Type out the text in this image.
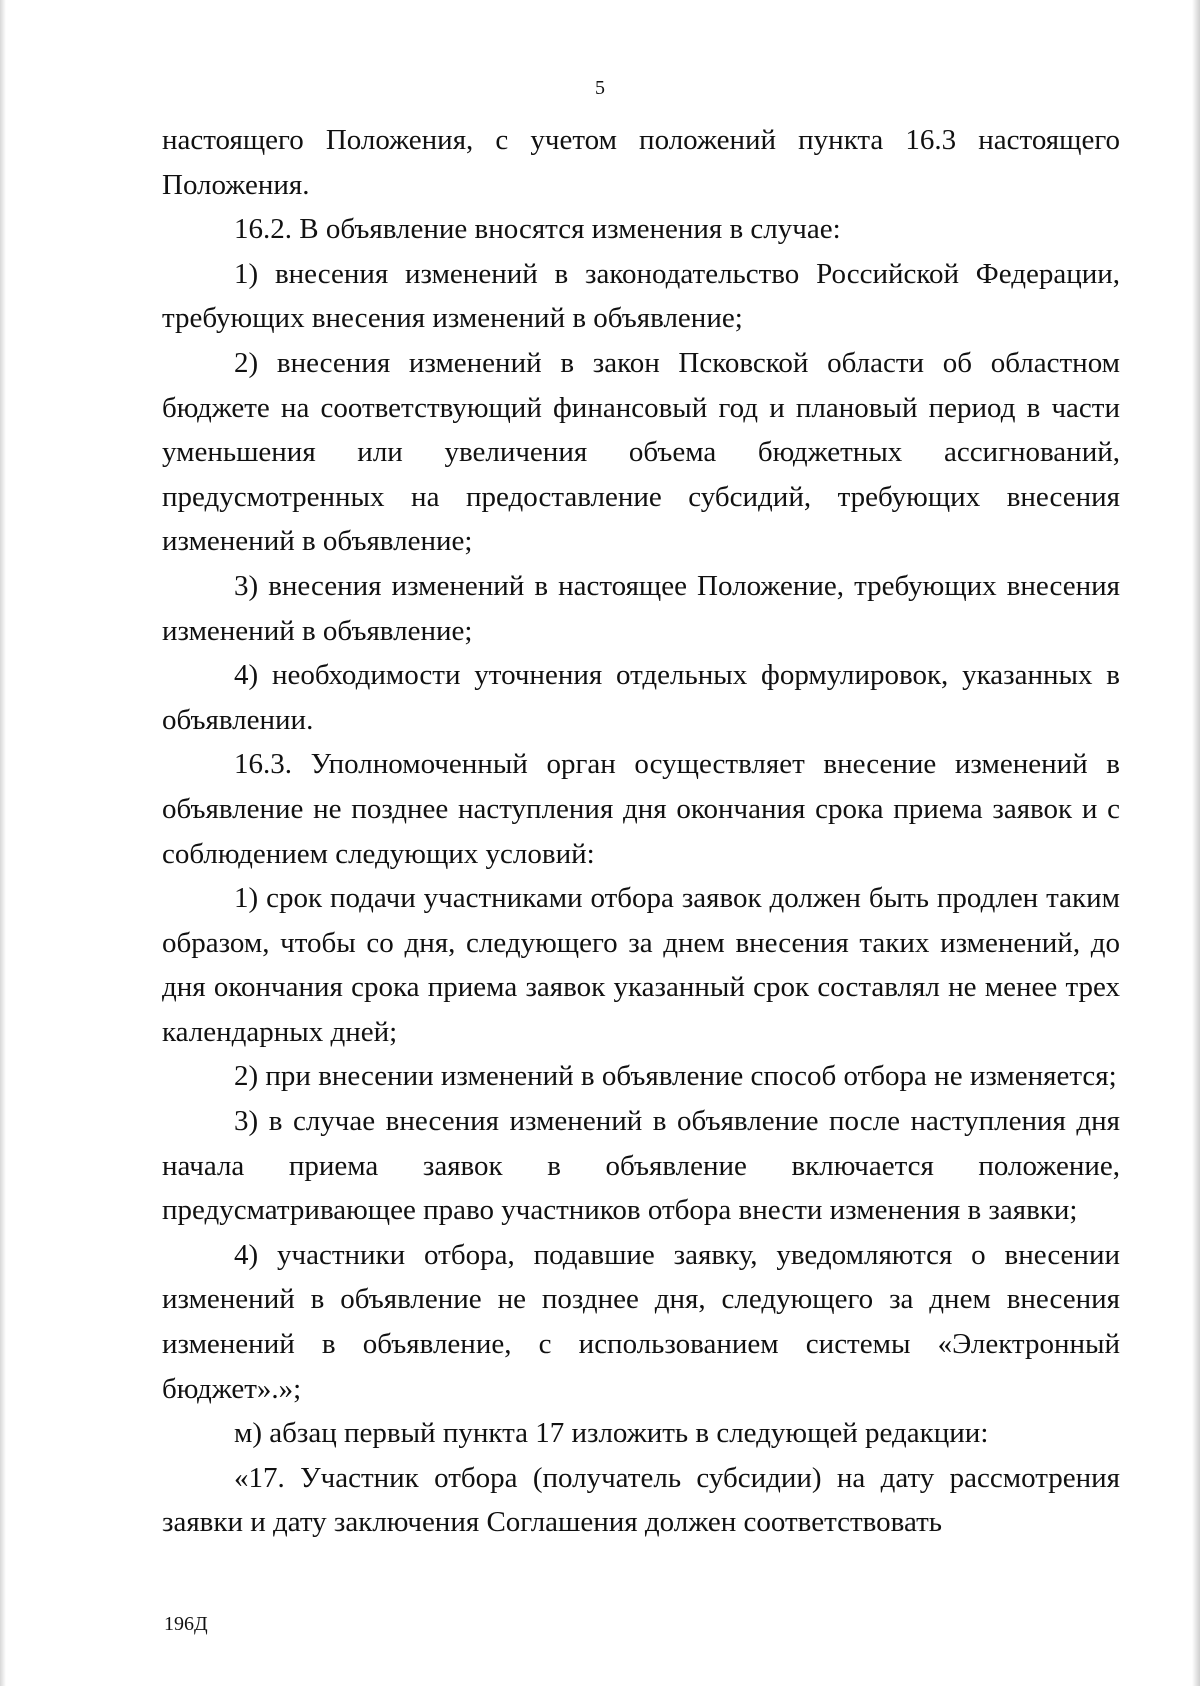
5

настоящего Положения, с учетом положений пункта 16.3 настоящего Положения.

16.2. В объявление вносятся изменения в случае:

1) внесения изменений в законодательство Российской Федерации, требующих внесения изменений в объявление;

2) внесения изменений в закон Псковской области об областном бюджете на соответствующий финансовый год и плановый период в части уменьшения или увеличения объема бюджетных ассигнований, предусмотренных на предоставление субсидий, требующих внесения изменений в объявление;

3) внесения изменений в настоящее Положение, требующих внесения изменений в объявление;

4) необходимости уточнения отдельных формулировок, указанных в объявлении.

16.3. Уполномоченный орган осуществляет внесение изменений в объявление не позднее наступления дня окончания срока приема заявок и с соблюдением следующих условий:

1) срок подачи участниками отбора заявок должен быть продлен таким образом, чтобы со дня, следующего за днем внесения таких изменений, до дня окончания срока приема заявок указанный срок составлял не менее трех календарных дней;

2) при внесении изменений в объявление способ отбора не изменяется;

3) в случае внесения изменений в объявление после наступления дня начала приема заявок в объявление включается положение, предусматривающее право участников отбора внести изменения в заявки;

4) участники отбора, подавшие заявку, уведомляются о внесении изменений в объявление не позднее дня, следующего за днем внесения изменений в объявление, с использованием системы «Электронный бюджет».»;

м) абзац первый пункта 17 изложить в следующей редакции:

«17. Участник отбора (получатель субсидии) на дату рассмотрения заявки и дату заключения Соглашения должен соответствовать

196Д
